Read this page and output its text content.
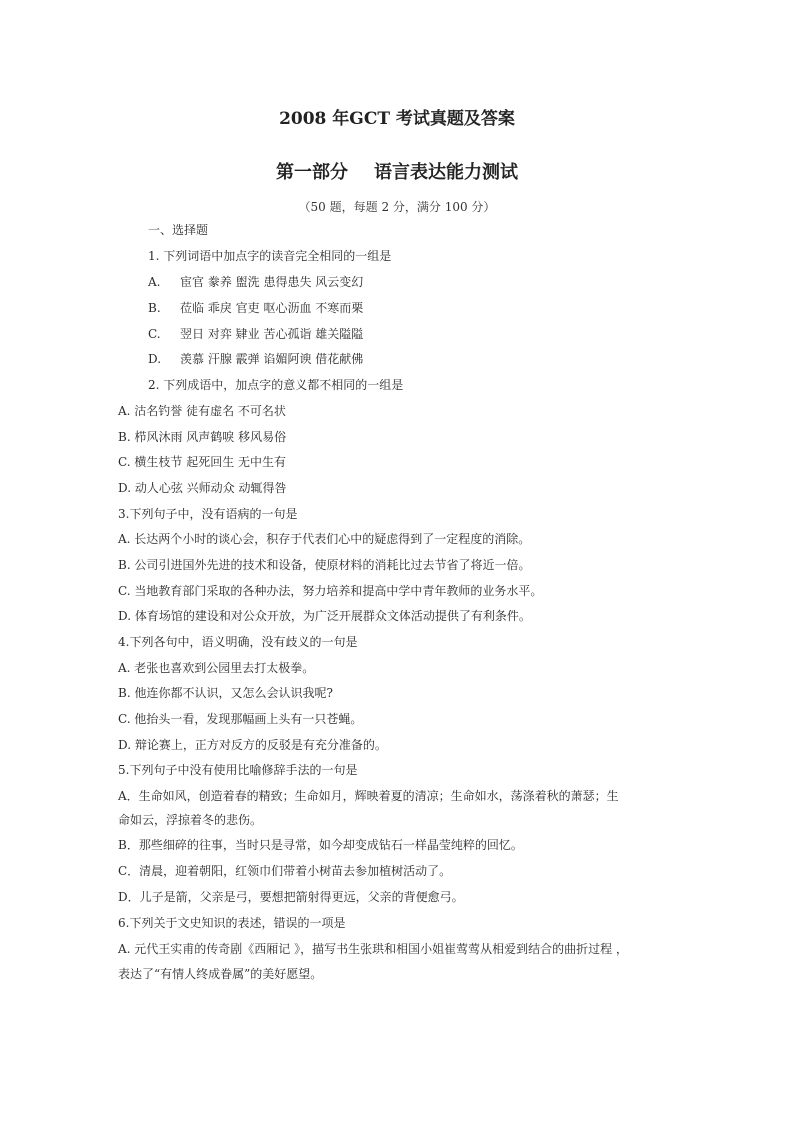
2008 年GCT 考试真题及答案
第一部分 语言表达能力测试
（50 题，每题 2 分，满分 100 分）
一、选择题
1. 下列词语中加点字的读音完全相同的一组是
A. 宦官 豢养 盥洗 患得患失 风云变幻
B. 莅临 乖戾 官吏 呕心沥血 不寒而栗
C. 翌日 对弈 肄业 苦心孤诣 雄关隘隘
D. 羡慕 汗腺 霰弹 谄媚阿谀 借花献佛
2. 下列成语中，加点字的意义都不相同的一组是
A. 沽名钓誉 徒有虚名 不可名状
B. 栉风沐雨 风声鹤唳 移风易俗
C. 横生枝节 起死回生 无中生有
D. 动人心弦 兴师动众 动辄得咎
3.下列句子中，没有语病的一句是
A. 长达两个小时的谈心会，积存于代表们心中的疑虑得到了一定程度的消除。
B. 公司引进国外先进的技术和设备，使原材料的消耗比过去节省了将近一倍。
C. 当地教育部门采取的各种办法，努力培养和提高中学中青年教师的业务水平。
D. 体育场馆的建设和对公众开放，为广泛开展群众文体活动提供了有利条件。
4.下列各句中，语义明确，没有歧义的一句是
A. 老张也喜欢到公园里去打太极拳。
B. 他连你都不认识，又怎么会认识我呢?
C. 他抬头一看，发现那幅画上头有一只苍蝇。
D. 辩论赛上，正方对反方的反驳是有充分准备的。
5.下列句子中没有使用比喻修辞手法的一句是
A．生命如风，创造着春的精致；生命如月，辉映着夏的清凉；生命如水，荡涤着秋的萧瑟；生
命如云，浮掠着冬的悲伤。
B．那些细碎的往事，当时只是寻常，如今却变成钻石一样晶莹纯粹的回忆。
C．清晨，迎着朝阳，红领巾们带着小树苗去参加植树活动了。
D．儿子是箭，父亲是弓，要想把箭射得更远，父亲的背便愈弓。
6.下列关于文史知识的表述，错误的一项是
A. 元代王实甫的传奇剧《西厢记 》，描写书生张珙和相国小姐崔莺莺从相爱到结合的曲折过程 ，
表达了“有情人终成眷属”的美好愿望。
